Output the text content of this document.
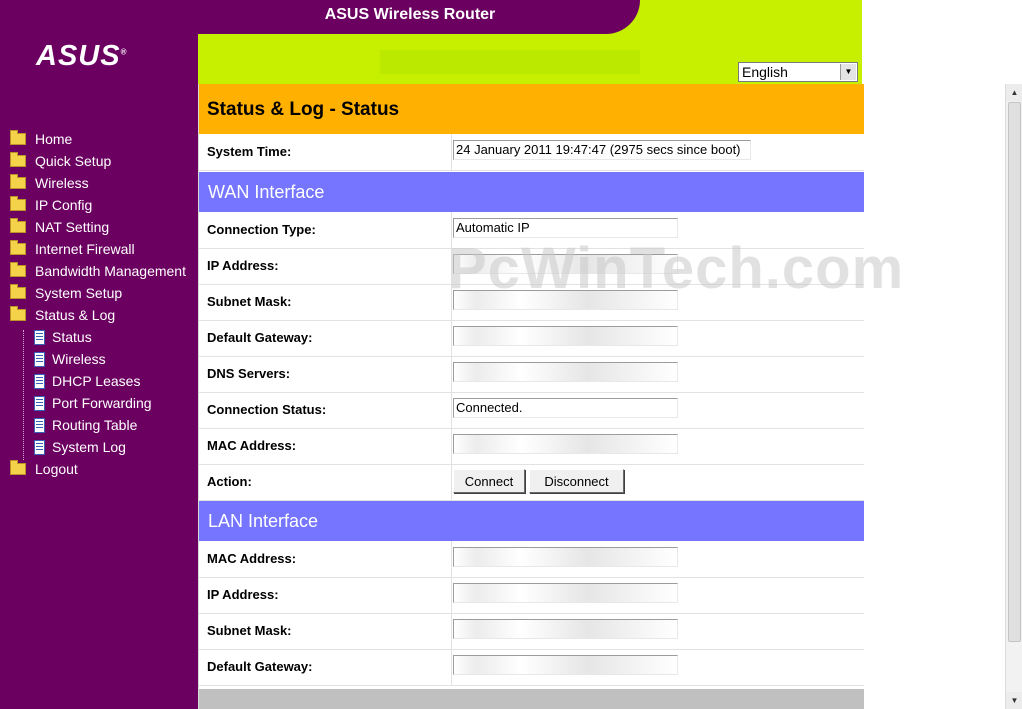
ASUS Wireless Router
ASUS®
Home
Quick Setup
Wireless
IP Config
NAT Setting
Internet Firewall
Bandwidth Management
System Setup
Status & Log
Status
Wireless
DHCP Leases
Port Forwarding
Routing Table
System Log
Logout
English	▼
Status & Log - Status
System Time:	24 January 2011 19:47:47 (2975 secs since boot)
WAN Interface
Connection Type:	Automatic IP
IP Address:
Subnet Mask:
Default Gateway:
DNS Servers:
Connection Status:	Connected.
MAC Address:
Action:	Connect	Disconnect
LAN Interface
MAC Address:
IP Address:
Subnet Mask:
Default Gateway:
PcWinTech.com
▲
▼
